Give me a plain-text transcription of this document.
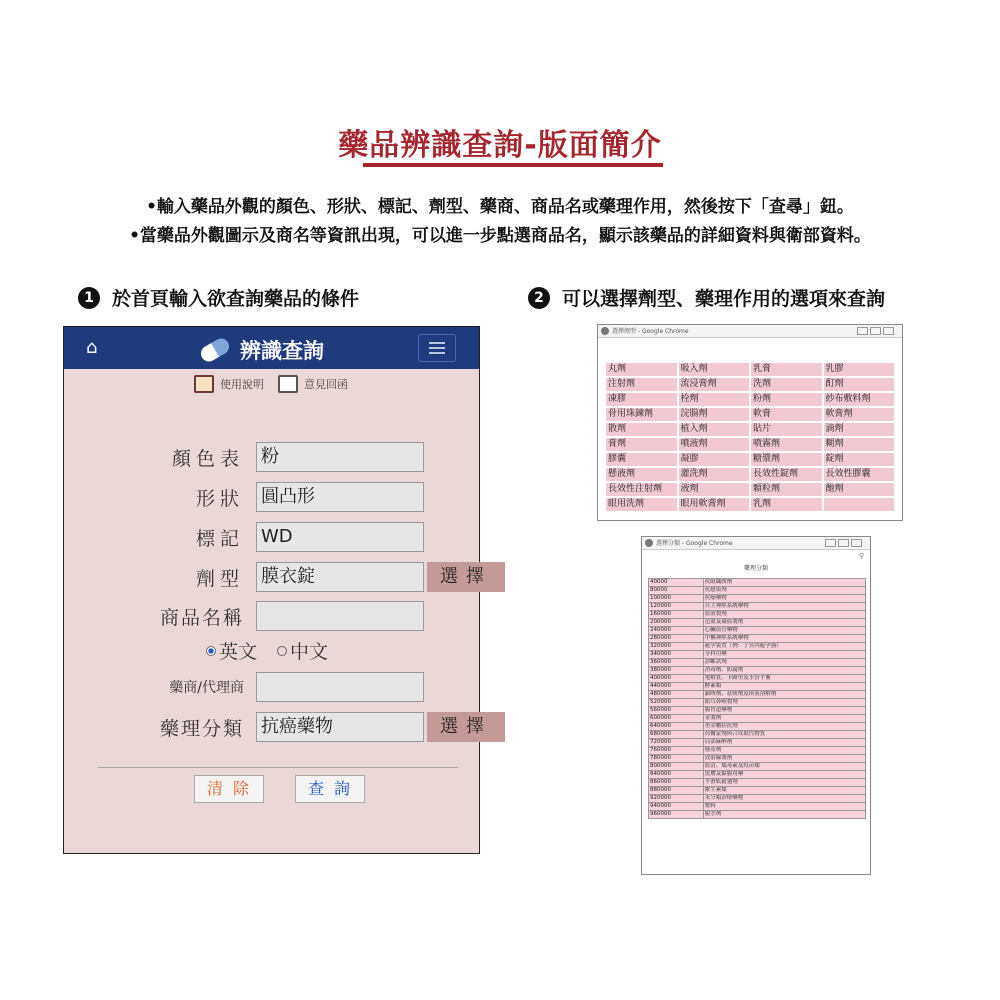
藥品辨識查詢-版面簡介
•輸入藥品外觀的顏色、形狀、標記、劑型、藥商、商品名或藥理作用，然後按下「查尋」鈕。
•當藥品外觀圖示及商名等資訊出現，可以進一步點選商品名，顯示該藥品的詳細資料與衛部資料。
1 於首頁輸入欲查詢藥品的條件	2 可以選擇劑型、藥理作用的選項來查詢
⌂	辨識查詢
使用說明	意見回函
顏色表 粉
形狀 圓凸形
標記 WD
劑型 膜衣錠	選擇
商品名稱
英文 中文
藥商/代理商
藥理分類 抗癌藥物	選擇
清除	查詢
選擇劑型 - Google Chrome
丸劑	吸入劑	乳膏	乳膠
注射劑	流浸膏劑	洗劑	酊劑
凍膠	栓劑	粉劑	紗布敷料劑
骨用珠鍊劑	浣腸劑	軟膏	軟膏劑
散劑	植入劑	貼片	滴劑
膏劑	噴液劑	噴霧劑	糊劑
膠囊	凝膠	糖漿劑	錠劑
懸液劑	灌洗劑	長效性錠劑	長效性膠囊
長效性注射劑	液劑	顆粒劑	酏劑
眼用洗劑	眼用軟膏劑	乳劑	
選擇分類 - Google Chrome
⚲
藥理分類
40000	抗組織胺劑
80000	抗感染劑
100000	抗癌藥物
120000	自主神經系統藥物
160000	血液製劑
200000	造血及凝血製劑
240000	心臟血管藥物
280000	中樞神經系統藥物
320000	避孕裝置（例：子宮內避孕器）
340000	牙科用藥
360000	診斷試劑
380000	消毒劑、防腐劑
400000	電解質、卡路里及水份平衡
440000	酵素類
480000	鎮咳劑、祛痰劑及痰液溶解劑
520000	眼耳鼻喉製劑
560000	腸胃道藥物
600000	金製劑
640000	重金屬拮抗劑
680000	荷爾蒙劑與合成取代物質
720000	局部麻醉劑
760000	催產劑
780000	放射線製劑
800000	血清、類毒素及疫苗類
840000	皮膚及黏膜用藥
860000	平滑肌鬆弛劑
880000	維生素類
920000	未分類治療藥物
940000	敷料
960000	脫水劑
